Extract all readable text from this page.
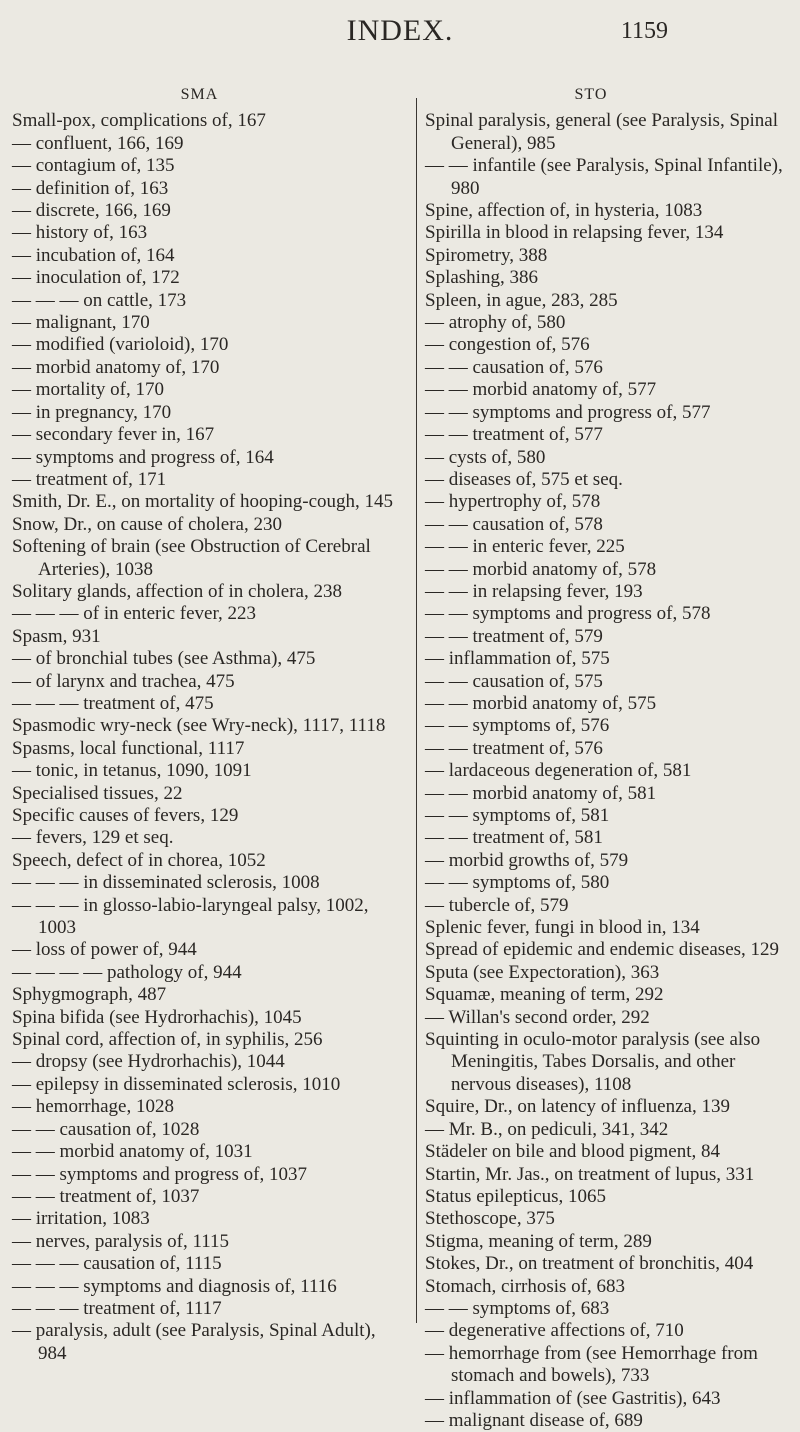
INDEX.	1159
SMA
Small-pox, complications of, 167
— confluent, 166, 169
— contagium of, 135
— definition of, 163
— discrete, 166, 169
— history of, 163
— incubation of, 164
— inoculation of, 172
— — — on cattle, 173
— malignant, 170
— modified (varioloid), 170
— morbid anatomy of, 170
— mortality of, 170
— in pregnancy, 170
— secondary fever in, 167
— symptoms and progress of, 164
— treatment of, 171
Smith, Dr. E., on mortality of hooping-cough, 145
Snow, Dr., on cause of cholera, 230
Softening of brain (see Obstruction of Cerebral Arteries), 1038
Solitary glands, affection of in cholera, 238
— — — of in enteric fever, 223
Spasm, 931
— of bronchial tubes (see Asthma), 475
— of larynx and trachea, 475
— — — treatment of, 475
Spasmodic wry-neck (see Wry-neck), 1117, 1118
Spasms, local functional, 1117
— tonic, in tetanus, 1090, 1091
Specialised tissues, 22
Specific causes of fevers, 129
— fevers, 129 et seq.
Speech, defect of in chorea, 1052
— — — in disseminated sclerosis, 1008
— — — in glosso-labio-laryngeal palsy, 1002, 1003
— loss of power of, 944
— — — — pathology of, 944
Sphygmograph, 487
Spina bifida (see Hydrorhachis), 1045
Spinal cord, affection of, in syphilis, 256
— dropsy (see Hydrorhachis), 1044
— epilepsy in disseminated sclerosis, 1010
— hemorrhage, 1028
— — causation of, 1028
— — morbid anatomy of, 1031
— — symptoms and progress of, 1037
— — treatment of, 1037
— irritation, 1083
— nerves, paralysis of, 1115
— — — causation of, 1115
— — — symptoms and diagnosis of, 1116
— — — treatment of, 1117
— paralysis, adult (see Paralysis, Spinal Adult), 984
STO
Spinal paralysis, general (see Paralysis, Spinal General), 985
— — infantile (see Paralysis, Spinal Infantile), 980
Spine, affection of, in hysteria, 1083
Spirilla in blood in relapsing fever, 134
Spirometry, 388
Splashing, 386
Spleen, in ague, 283, 285
— atrophy of, 580
— congestion of, 576
— — causation of, 576
— — morbid anatomy of, 577
— — symptoms and progress of, 577
— — treatment of, 577
— cysts of, 580
— diseases of, 575 et seq.
— hypertrophy of, 578
— — causation of, 578
— — in enteric fever, 225
— — morbid anatomy of, 578
— — in relapsing fever, 193
— — symptoms and progress of, 578
— — treatment of, 579
— inflammation of, 575
— — causation of, 575
— — morbid anatomy of, 575
— — symptoms of, 576
— — treatment of, 576
— lardaceous degeneration of, 581
— — morbid anatomy of, 581
— — symptoms of, 581
— — treatment of, 581
— morbid growths of, 579
— — symptoms of, 580
— tubercle of, 579
Splenic fever, fungi in blood in, 134
Spread of epidemic and endemic diseases, 129
Sputa (see Expectoration), 363
Squamæ, meaning of term, 292
— Willan's second order, 292
Squinting in oculo-motor paralysis (see also Meningitis, Tabes Dorsalis, and other nervous diseases), 1108
Squire, Dr., on latency of influenza, 139
— Mr. B., on pediculi, 341, 342
Städeler on bile and blood pigment, 84
Startin, Mr. Jas., on treatment of lupus, 331
Status epilepticus, 1065
Stethoscope, 375
Stigma, meaning of term, 289
Stokes, Dr., on treatment of bronchitis, 404
Stomach, cirrhosis of, 683
— — symptoms of, 683
— degenerative affections of, 710
— hemorrhage from (see Hemorrhage from stomach and bowels), 733
— inflammation of (see Gastritis), 643
— malignant disease of, 689
